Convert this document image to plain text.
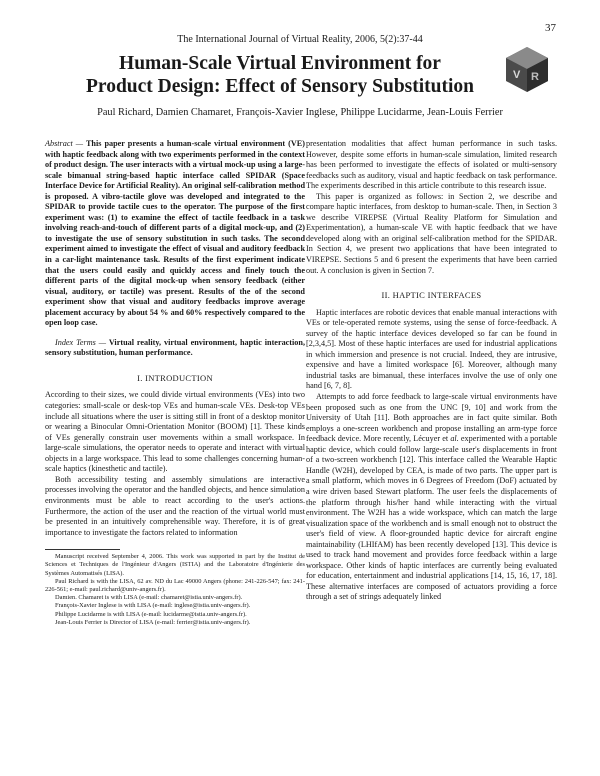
37
The International Journal of Virtual Reality, 2006, 5(2):37-44
Human-Scale Virtual Environment for
Product Design: Effect of Sensory Substitution
V R
Paul Richard, Damien Chamaret, François-Xavier Inglese, Philippe Lucidarme, Jean-Louis Ferrier

Abstract — This paper presents a human-scale virtual environment (VE) with haptic feedback along with two experiments performed in the context of product design. The user interacts with a virtual mock-up using a large-scale bimanual string-based haptic interface called SPIDAR (Space Interface Device for Artificial Reality). An original self-calibration method is proposed. A vibro-tactile glove was developed and integrated to the SPIDAR to provide tactile cues to the operator. The purpose of the first experiment was: (1) to examine the effect of tactile feedback in a task involving reach-and-touch of different parts of a digital mock-up, and (2) to investigate the use of sensory substitution in such tasks. The second experiment aimed to investigate the effect of visual and auditory feedback in a car-light maintenance task. Results of the first experiment indicate that the users could easily and quickly access and finely touch the different parts of the digital mock-up when sensory feedback (either visual, auditory, or tactile) was present. Results of the of the second experiment show that visual and auditory feedbacks improve average placement accuracy by about 54 % and 60% respectively compared to the open loop case.

Index Terms — Virtual reality, virtual environment, haptic interaction, sensory substitution, human performance.

I. INTRODUCTION

According to their sizes, we could divide virtual environments (VEs) into two categories: small-scale or desk-top VEs and human-scale VEs. Desk-top VEs include all situations where the user is sitting still in front of a desktop monitor or wearing a Binocular Omni-Orientation Monitor (BOOM) [1]. These kinds of VEs generally constrain user movements within a small workspace. In large-scale simulations, the operator needs to operate and interact with virtual objects in a large workspace. This lead to some challenges concerning human-scale haptics (kinesthetic and tactile).

Both accessibility testing and assembly simulations are interactive processes involving the operator and the handled objects, and hence simulation environments must be able to react according to the user's actions. Furthermore, the action of the user and the reaction of the virtual world must be presented in an intuitively comprehensible way. Therefore, it is of great importance to investigate the factors related to information

Manuscript received September 4, 2006. This work was supported in part by the Institut de Sciences et Techniques de l'Ingénieur d'Angers (ISTIA) and the Laboratoire d'Ingénierie des Systèmes Automatisés (LISA).

Paul Richard is with the LISA, 62 av. ND du Lac 49000 Angers (phone: 241-226-547; fax: 241-226-561; e-mail: paul.richard@univ-angers.fr).

Damien. Chamaret is with LISA (e-mail: chamaret@istia.univ-angers.fr).

François-Xavier Inglese is with LISA (e-mail: inglese@istia.univ-angers.fr).

Philippe Lucidarme is with LISA (e-mail: lucidarme@istia.univ-angers.fr).

Jean-Louis Ferrier is Director of LISA (e-mail: ferrier@istia.univ-angers.fr).

presentation modalities that affect human performance in such tasks. However, despite some efforts in human-scale simulation, limited research has been performed to investigate the effects of isolated or multi-sensory feedbacks such as auditory, visual and haptic feedback on task performance. The experiments described in this article contribute to this research issue.

This paper is organized as follows: in Section 2, we describe and compare haptic interfaces, from desktop to human-scale. Then, in Section 3 we describe VIREPSE (Virtual Reality Platform for Simulation and Experimentation), a human-scale VE with haptic feedback that we have developed along with an original self-calibration method for the SPIDAR. In Section 4, we present two applications that have been integrated to VIREPSE. Sections 5 and 6 present the experiments that have been carried out. A conclusion is given in Section 7.

II. HAPTIC INTERFACES

Haptic interfaces are robotic devices that enable manual interactions with VEs or tele-operated remote systems, using the sense of force-feedback. A survey of the haptic interface devices developed so far can be found in [2,3,4,5]. Most of these haptic interfaces are used for industrial applications in which immersion and presence is not crucial. Indeed, they are intrusive, expensive and have a limited workspace [6]. Moreover, although many industrial tasks are bimanual, these interfaces involve the use of only one hand [6, 7, 8].

Attempts to add force feedback to large-scale virtual environments have been proposed such as one from the UNC [9, 10] and work from the University of Utah [11]. Both approaches are in fact quite similar. Both employs a one-screen workbench and propose installing an arm-type force feedback device. More recently, Lécuyer et al. experimented with a portable haptic device, which could follow large-scale user's displacements in front of a two-screen workbench [12]. This interface called the Wearable Haptic Handle (W2H), developed by CEA, is made of two parts. The upper part is a small platform, which moves in 6 Degrees of Freedom (DoF) actuated by a wire driven based Stewart platform. The user feels the displacements of the platform through his/her hand while interacting with the virtual environment. The W2H has a wide workspace, which can match the large visualization space of the workbench and is small enough not to obstruct the user's field of view. A floor-grounded haptic device for aircraft engine maintainability (LHIfAM) has been recently developed [13]. This device is used to track hand movement and provides force feedback within a large workspace. Other kinds of haptic interfaces are currently being evaluated for education, entertainment and industrial applications [14, 15, 16, 17, 18]. These alternative interfaces are composed of actuators providing a force through a set of strings adequately linked
